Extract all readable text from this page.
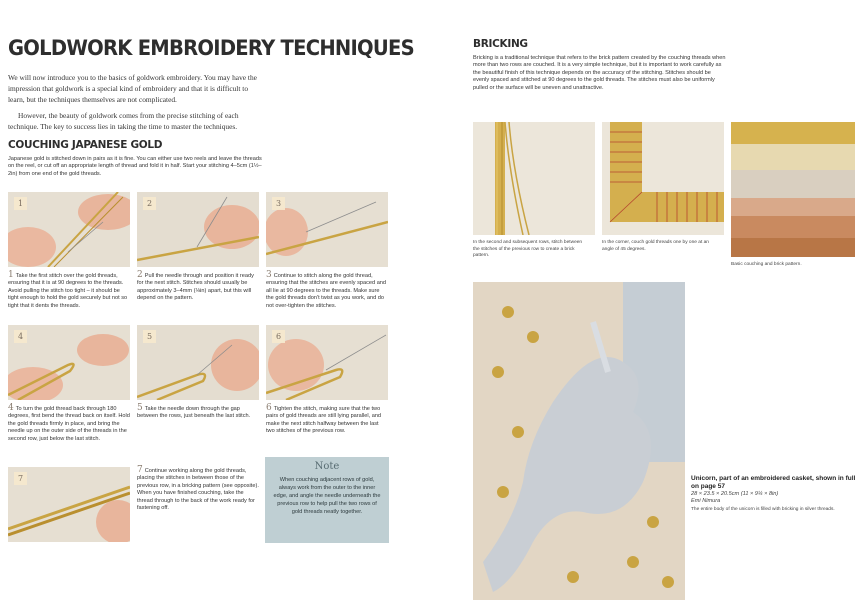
GOLDWORK EMBROIDERY TECHNIQUES

We will now introduce you to the basics of goldwork embroidery. You may have the impression that goldwork is a special kind of embroidery and that it is difficult to learn, but the techniques themselves are not complicated.

However, the beauty of goldwork comes from the precise stitching of each technique. The key to success lies in taking the time to master the techniques.

COUCHING JAPANESE GOLD
Japanese gold is stitched down in pairs as it is fine. You can either use two reels and leave the threads on the reel, or cut off an appropriate length of thread and fold it in half. Start your stitching 4–5cm (1½–2in) from one end of the gold threads.
1	2	3
1 Take the first stitch over the gold threads, ensuring that it is at 90 degrees to the threads. Avoid pulling the stitch too tight – it should be tight enough to hold the gold securely but not so tight that it dents the threads.
2 Pull the needle through and position it ready for the next stitch. Stitches should usually be approximately 3–4mm (⅛in) apart, but this will depend on the pattern.
3 Continue to stitch along the gold thread, ensuring that the stitches are evenly spaced and all lie at 90 degrees to the threads. Make sure the gold threads don't twist as you work, and do not over-tighten the stitches.
4	5	6
4 To turn the gold thread back through 180 degrees, first bend the thread back on itself. Hold the gold threads firmly in place, and bring the needle up on the outer side of the threads in the second row, just below the last stitch.
5 Take the needle down through the gap between the rows, just beneath the last stitch.
6 Tighten the stitch, making sure that the two pairs of gold threads are still lying parallel, and make the next stitch halfway between the last two stitches of the previous row.
7
7 Continue working along the gold threads, placing the stitches in between those of the previous row, in a bricking pattern (see opposite). When you have finished couching, take the thread through to the back of the work ready for fastening off.
Note
When couching adjacent rows of gold, always work from the outer to the inner edge, and angle the needle underneath the previous row to help pull the two rows of gold threads neatly together.
BRICKING
Bricking is a traditional technique that refers to the brick pattern created by the couching threads when more than two rows are couched. It is a very simple technique, but it is important to work carefully as the beautiful finish of this technique depends on the accuracy of the stitching. Stitches should be evenly spaced and stitched at 90 degrees to the gold threads. The stitches must also be uniformly pulled or the surface will be uneven and unattractive.
In the second and subsequent rows, stitch between the stitches of the previous row to create a brick pattern.
In the corner, couch gold threads one by one at an angle of 45 degrees.
Basic couching and brick pattern.
Unicorn, part of an embroidered casket, shown in full on page 57
28 × 23.5 × 20.5cm (11 × 9¼ × 8in)
Emi Nimura
The entire body of the unicorn is filled with bricking in silver threads.
